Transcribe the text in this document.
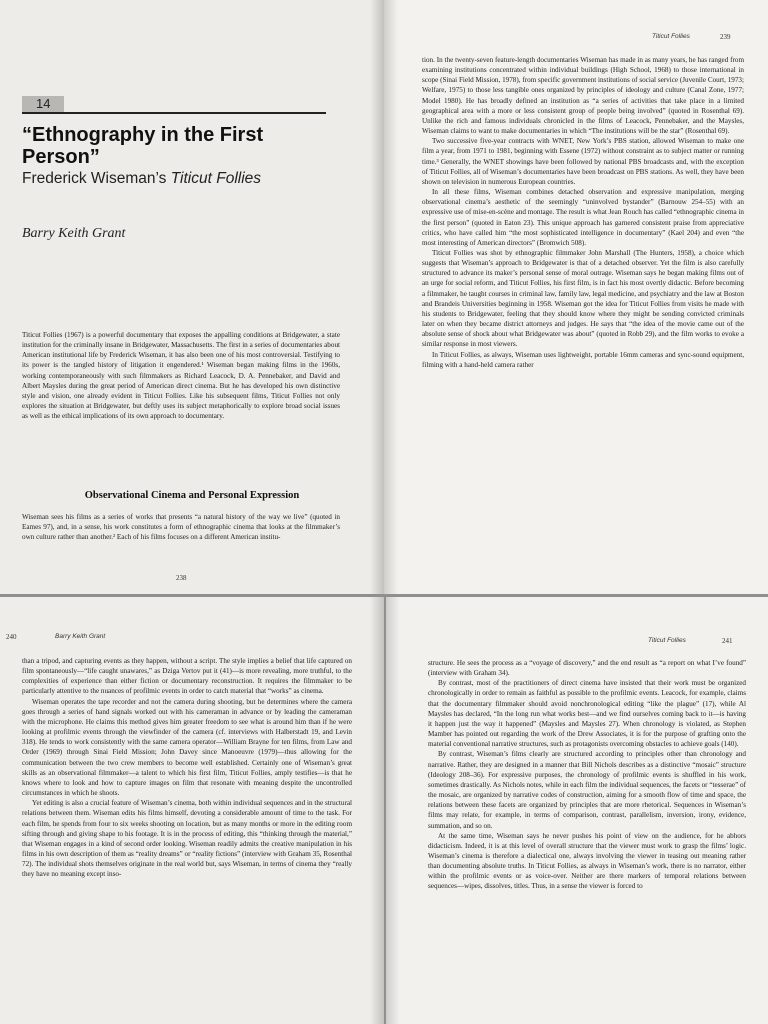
14
“Ethnography in the First Person”
Frederick Wiseman’s Titicut Follies
Barry Keith Grant

Titicut Follies (1967) is a powerful documentary that exposes the appalling conditions at Bridgewater, a state institution for the criminally insane in Bridgewater, Massachusetts. The first in a series of documentaries about American institutional life by Frederick Wiseman, it has also been one of his most controversial. Testifying to its power is the tangled history of litigation it engendered.¹ Wiseman began making films in the 1960s, working contemporaneously with such filmmakers as Richard Leacock, D. A. Pennebaker, and David and Albert Maysles during the great period of American direct cinema. But he has developed his own distinctive style and vision, one already evident in Titicut Follies. Like his subsequent films, Titicut Follies not only explores the situation at Bridgewater, but deftly uses its subject metaphorically to explore broad social issues as well as the ethical implications of its own approach to documentary.

Observational Cinema and Personal Expression

Wiseman sees his films as a series of works that presents “a natural history of the way we live” (quoted in Eames 97), and, in a sense, his work constitutes a form of ethnographic cinema that looks at the filmmaker’s own culture rather than another.² Each of his films focuses on a different American institu-

238
Titicut Follies	239

tion. In the twenty-seven feature-length documentaries Wiseman has made in as many years, he has ranged from examining institutions concentrated within individual buildings (High School, 1968) to those international in scope (Sinai Field Mission, 1978), from specific government institutions of social service (Juvenile Court, 1973; Welfare, 1975) to those less tangible ones organized by principles of ideology and culture (Canal Zone, 1977; Model 1980). He has broadly defined an institution as “a series of activities that take place in a limited geographical area with a more or less consistent group of people being involved” (quoted in Rosenthal 69). Unlike the rich and famous individuals chronicled in the films of Leacock, Pennebaker, and the Maysles, Wiseman claims to want to make documentaries in which “The institutions will be the star” (Rosenthal 69).

Two successive five-year contracts with WNET, New York’s PBS station, allowed Wiseman to make one film a year, from 1971 to 1981, beginning with Essene (1972) without constraint as to subject matter or running time.³ Generally, the WNET showings have been followed by national PBS broadcasts and, with the exception of Titicut Follies, all of Wiseman’s documentaries have been broadcast on PBS stations. As well, they have been shown on television in numerous European countries.

In all these films, Wiseman combines detached observation and expressive manipulation, merging observational cinema’s aesthetic of the seemingly “uninvolved bystander” (Barnouw 254–55) with an expressive use of mise-en-scène and montage. The result is what Jean Rouch has called “ethnographic cinema in the first person” (quoted in Eaton 23). This unique approach has garnered consistent praise from appreciative critics, who have called him “the most sophisticated intelligence in documentary” (Kael 204) and even “the most interesting of American directors” (Bromwich 508).

Titicut Follies was shot by ethnographic filmmaker John Marshall (The Hunters, 1958), a choice which suggests that Wiseman’s approach to Bridgewater is that of a detached observer. Yet the film is also carefully structured to advance its maker’s personal sense of moral outrage. Wiseman says he began making films out of an urge for social reform, and Titicut Follies, his first film, is in fact his most overtly didactic. Before becoming a filmmaker, he taught courses in criminal law, family law, legal medicine, and psychiatry and the law at Boston and Brandeis Universities beginning in 1958. Wiseman got the idea for Titicut Follies from visits he made with his students to Bridgewater, feeling that they should know where they might be sending convicted criminals later on when they became district attorneys and judges. He says that “the idea of the movie came out of the absolute sense of shock about what Bridgewater was about” (quoted in Robb 29), and the film works to evoke a similar response in most viewers.

In Titicut Follies, as always, Wiseman uses lightweight, portable 16mm cameras and sync-sound equipment, filming with a hand-held camera rather

240	Barry Keith Grant

than a tripod, and capturing events as they happen, without a script. The style implies a belief that life captured on film spontaneously—“life caught unawares,” as Dziga Vertov put it (41)—is more revealing, more truthful, to the complexities of experience than either fiction or documentary reconstruction. It requires the filmmaker to be particularly attentive to the nuances of profilmic events in order to catch material that “works” as cinema.

Wiseman operates the tape recorder and not the camera during shooting, but he determines where the camera goes through a series of hand signals worked out with his cameraman in advance or by leading the cameraman with the microphone. He claims this method gives him greater freedom to see what is around him than if he were looking at profilmic events through the viewfinder of the camera (cf. interviews with Halberstadt 19, and Levin 318). He tends to work consistently with the same camera operator—William Brayne for ten films, from Law and Order (1969) through Sinai Field Mission; John Davey since Manoeuvre (1979)—thus allowing for the communication between the two crew members to become well established. Certainly one of Wiseman’s great skills as an observational filmmaker—a talent to which his first film, Titicut Follies, amply testifies—is that he knows where to look and how to capture images on film that resonate with meaning despite the uncontrolled circumstances in which he shoots.

Yet editing is also a crucial feature of Wiseman’s cinema, both within individual sequences and in the structural relations between them. Wiseman edits his films himself, devoting a considerable amount of time to the task. For each film, he spends from four to six weeks shooting on location, but as many months or more in the editing room sifting through and giving shape to his footage. It is in the process of editing, this “thinking through the material,” that Wiseman engages in a kind of second order looking. Wiseman readily admits the creative manipulation in his films in his own description of them as “reality dreams” or “reality fictions” (interview with Graham 35, Rosenthal 72). The individual shots themselves originate in the real world but, says Wiseman, in terms of cinema they “really they have no meaning except inso-

Titicut Follies	241

structure. He sees the process as a “voyage of discovery,” and the end result as “a report on what I’ve found” (interview with Graham 34).

By contrast, most of the practitioners of direct cinema have insisted that their work must be organized chronologically in order to remain as faithful as possible to the profilmic events. Leacock, for example, claims that the documentary filmmaker should avoid nonchronological editing “like the plague” (17), while Al Maysles has declared, “In the long run what works best—and we find ourselves coming back to it—is having it happen just the way it happened” (Maysles and Maysles 27). When chronology is violated, as Stephen Mamber has pointed out regarding the work of the Drew Associates, it is for the purpose of grafting onto the material conventional narrative structures, such as protagonists overcoming obstacles to achieve goals (140).

By contrast, Wiseman’s films clearly are structured according to principles other than chronology and narrative. Rather, they are designed in a manner that Bill Nichols describes as a distinctive “mosaic” structure (Ideology 208–36). For expressive purposes, the chronology of profilmic events is shuffled in his work, sometimes drastically. As Nichols notes, while in each film the individual sequences, the facets or “tesserae” of the mosaic, are organized by narrative codes of construction, aiming for a smooth flow of time and space, the relations between these facets are organized by principles that are more rhetorical. Sequences in Wiseman’s films may relate, for example, in terms of comparison, contrast, parallelism, inversion, irony, evidence, summation, and so on.

At the same time, Wiseman says he never pushes his point of view on the audience, for he abhors didacticism. Indeed, it is at this level of overall structure that the viewer must work to grasp the films’ logic. Wiseman’s cinema is therefore a dialectical one, always involving the viewer in teasing out meaning rather than documenting absolute truths. In Titicut Follies, as always in Wiseman’s work, there is no narrator, either within the profilmic events or as voice-over. Neither are there markers of temporal relations between sequences—wipes, dissolves, titles. Thus, in a sense the viewer is forced to
